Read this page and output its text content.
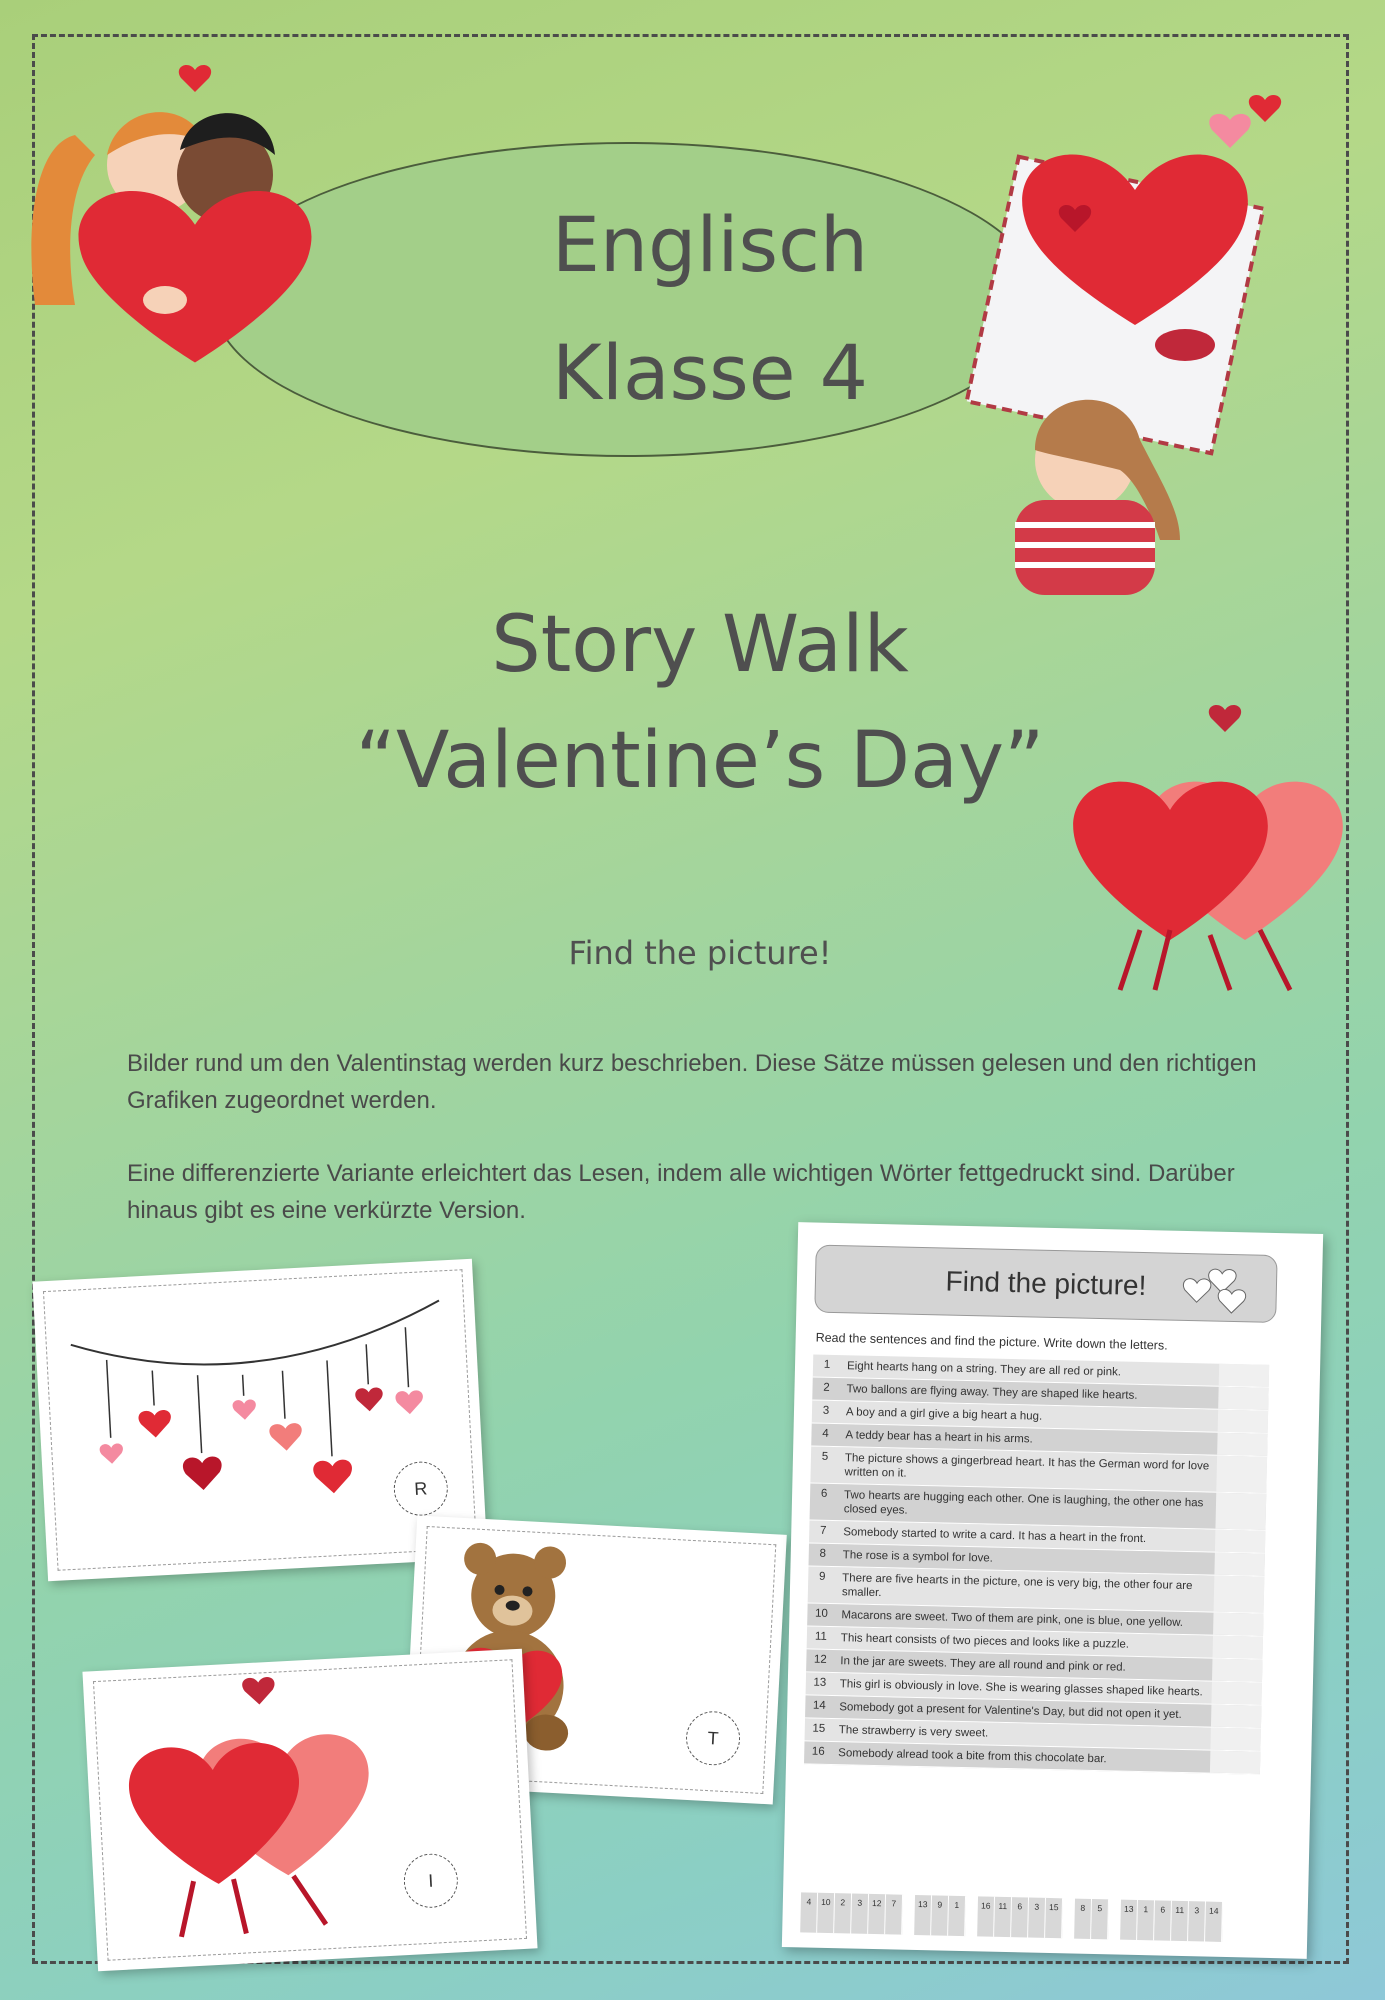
Englisch
Klasse 4
Story Walk
“Valentine’s Day”
Find the picture!
Bilder rund um den Valentinstag werden kurz beschrieben. Diese Sätze müssen gelesen und den richtigen Grafiken zugeordnet werden.
Eine differenzierte Variante erleichtert das Lesen, indem alle wichtigen Wörter fettgedruckt sind. Darüber hinaus gibt es eine verkürzte Version.
R
T
I
Find the picture!
Read the sentences and find the picture. Write down the letters.
1	Eight hearts hang on a string. They are all red or pink.
2	Two ballons are flying away. They are shaped like hearts.
3	A boy and a girl give a big heart a hug.
4	A teddy bear has a heart in his arms.
5	The picture shows a gingerbread heart. It has the German word for love written on it.
6	Two hearts are hugging each other. One is laughing, the other one has closed eyes.
7	Somebody started to write a card. It has a heart in the front.
8	The rose is a symbol for love.
9	There are five hearts in the picture, one is very big, the other four are smaller.
10	Macarons are sweet. Two of them are pink, one is blue, one yellow.
11	This heart consists of two pieces and looks like a puzzle.
12	In the jar are sweets. They are all round and pink or red.
13	This girl is obviously in love. She is wearing glasses shaped like hearts.
14	Somebody got a present for Valentine's Day, but did not open it yet.
15	The strawberry is very sweet.
16	Somebody alread took a bite from this chocolate bar.
4	10	2	3	12	7	13	9	1	16 11	6	3	15	8	5	13	1	6	11	3	14
